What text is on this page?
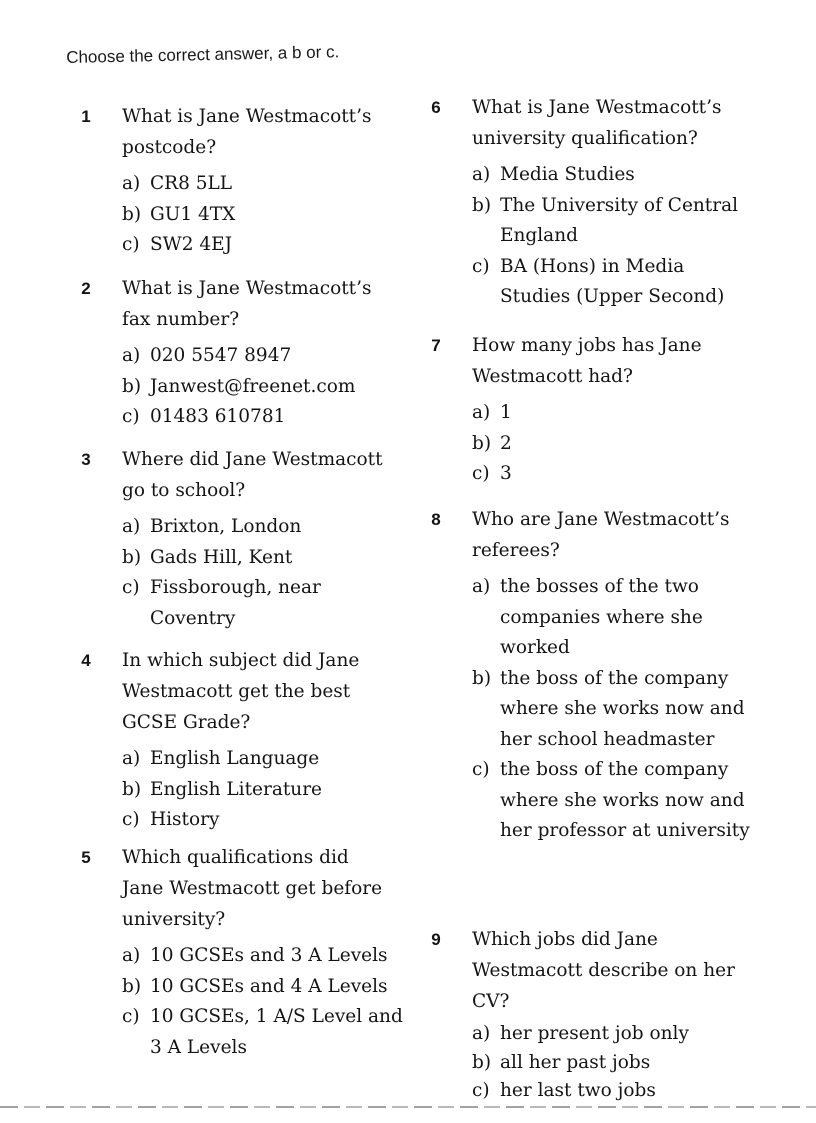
Choose the correct answer, a b or c.
1	What is Jane Westmacott’s postcode?
a) CR8 5LL
b) GU1 4TX
c) SW2 4EJ
2	What is Jane Westmacott’s fax number?
a) 020 5547 8947
b) Janwest@freenet.com
c) 01483 610781
3	Where did Jane Westmacott go to school?
a) Brixton, London
b) Gads Hill, Kent
c) Fissborough, near Coventry
4	In which subject did Jane Westmacott get the best GCSE Grade?
a) English Language
b) English Literature
c) History
5	Which qualifications did Jane Westmacott get before university?
a) 10 GCSEs and 3 A Levels
b) 10 GCSEs and 4 A Levels
c) 10 GCSEs, 1 A/S Level and 3 A Levels
6	What is Jane Westmacott’s university qualification?
a) Media Studies
b) The University of Central England
c) BA (Hons) in Media Studies (Upper Second)
7	How many jobs has Jane Westmacott had?
a) 1
b) 2
c) 3
8	Who are Jane Westmacott’s referees?
a) the bosses of the two companies where she worked
b) the boss of the company where she works now and her school headmaster
c) the boss of the company where she works now and her professor at university
9	Which jobs did Jane Westmacott describe on her CV?
a) her present job only
b) all her past jobs
c) her last two jobs
